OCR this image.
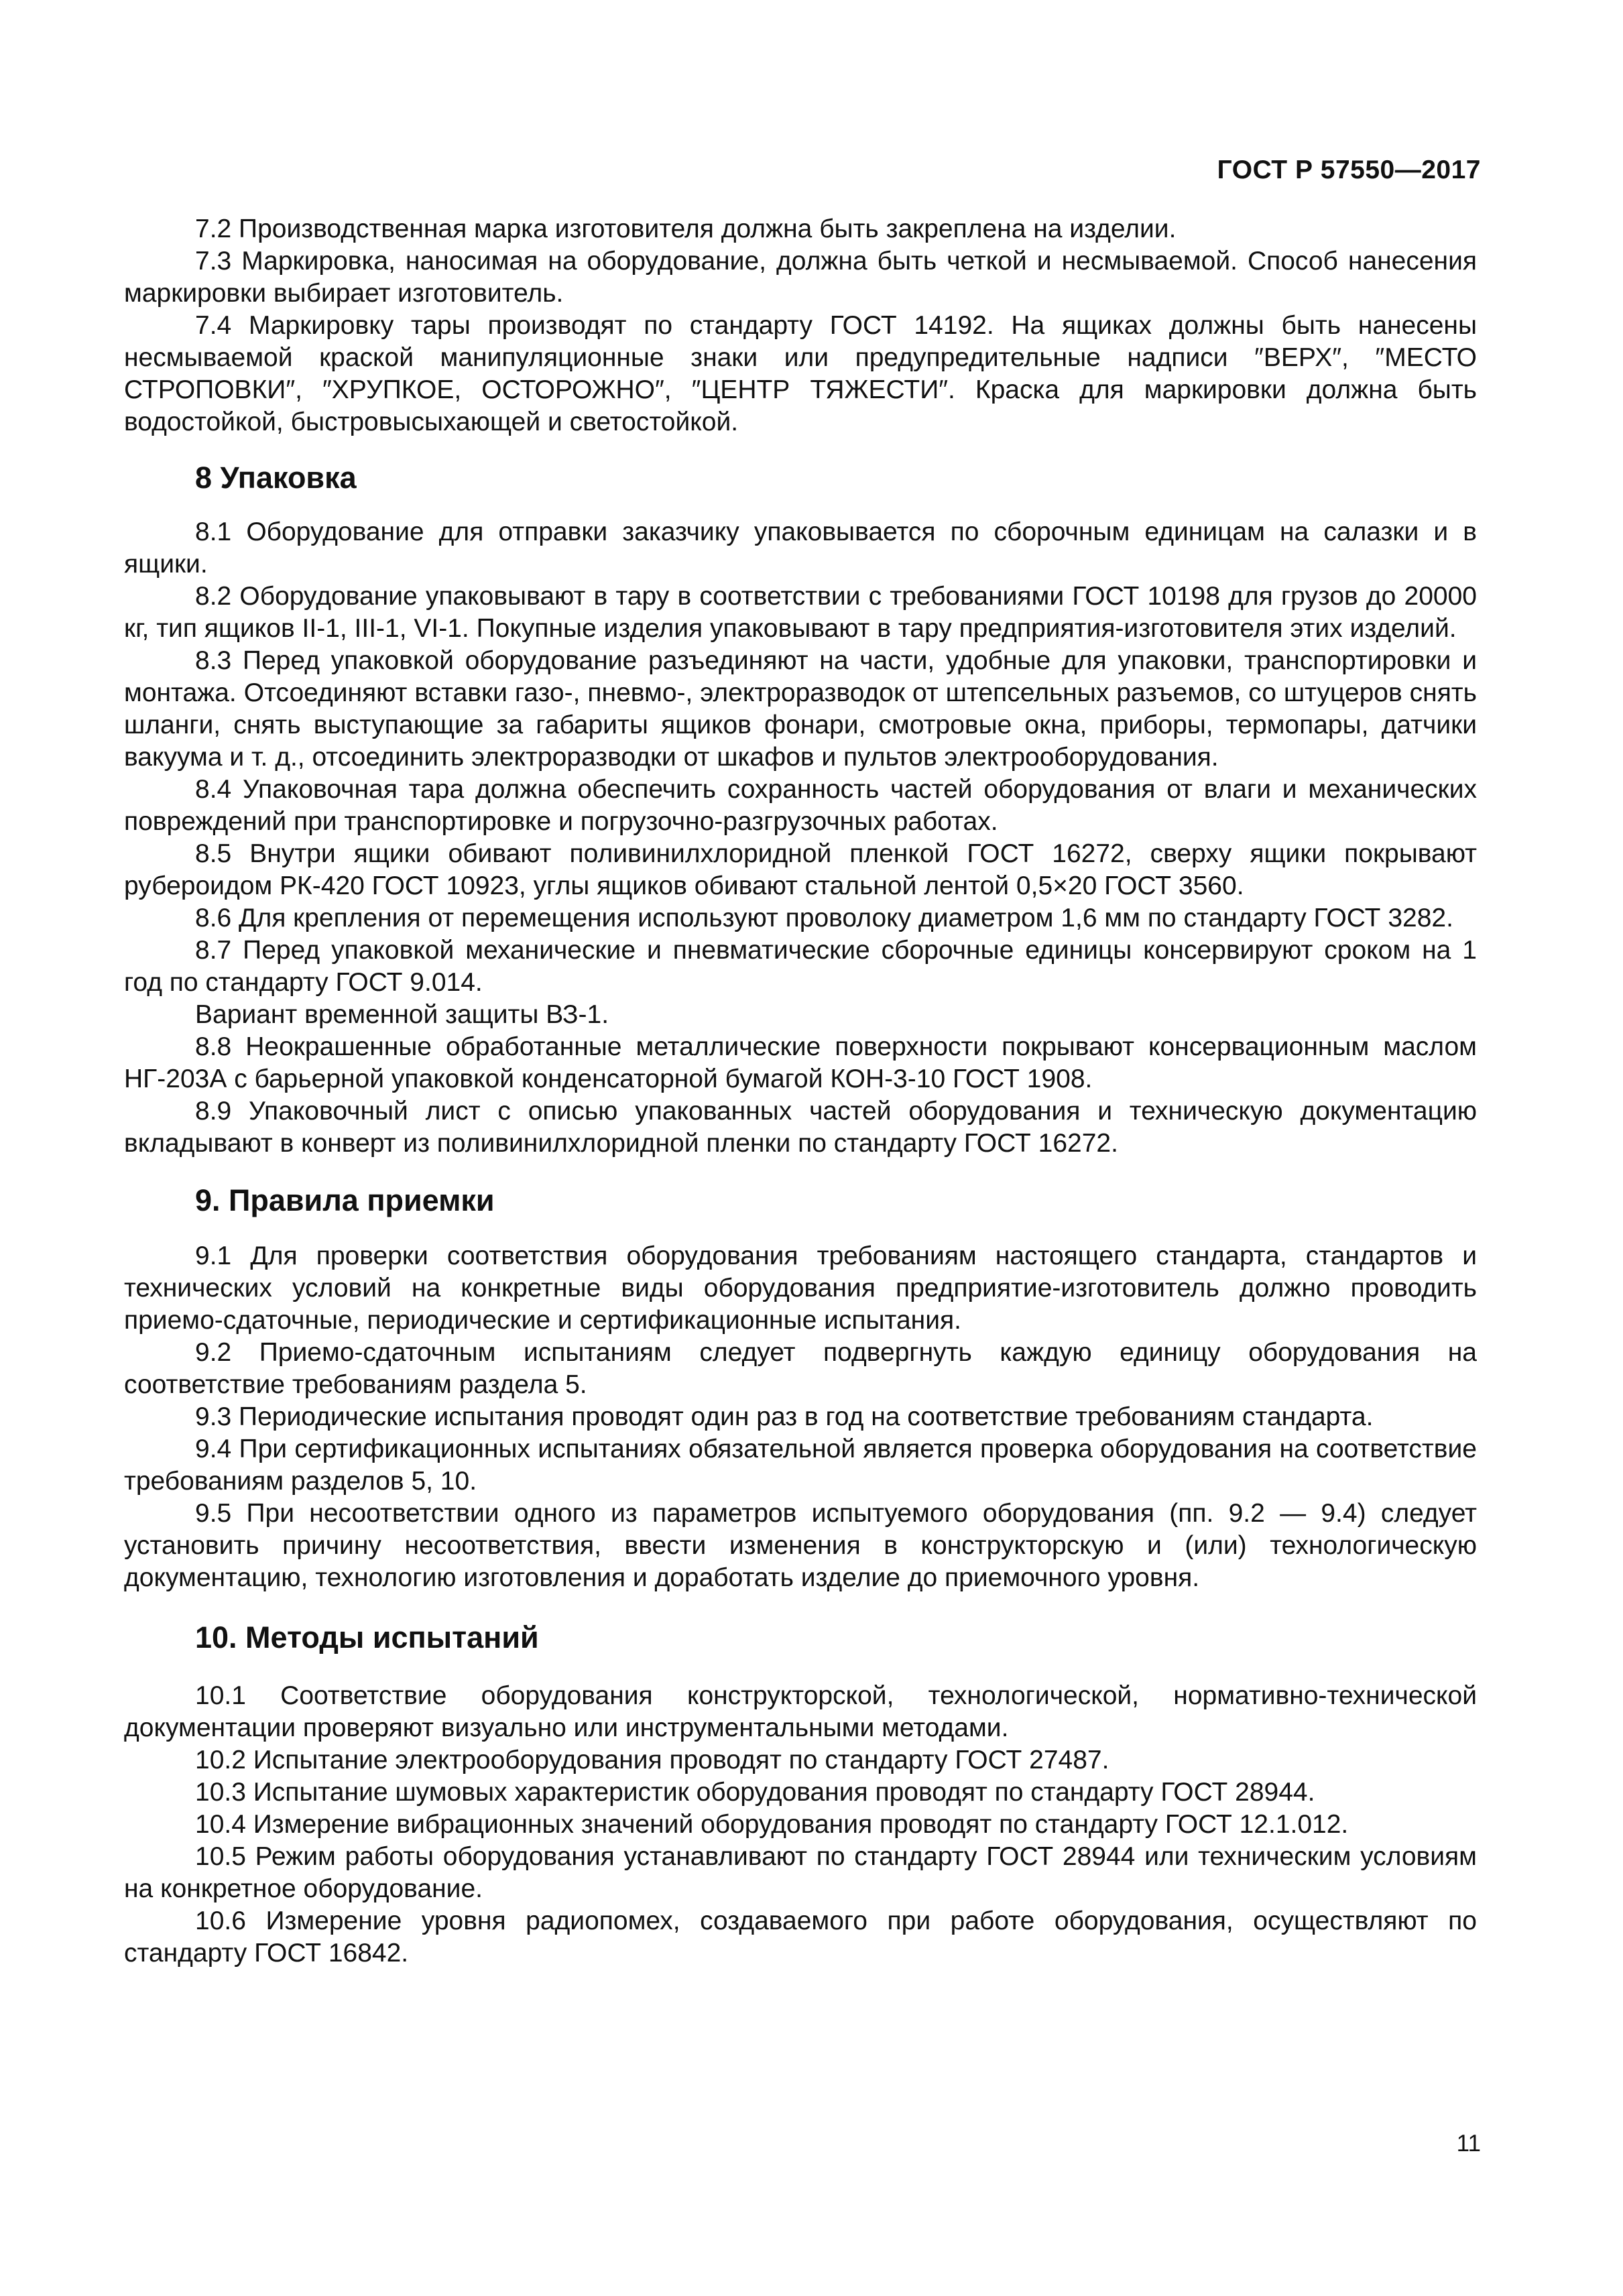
ГОСТ Р 57550—2017

7.2 Производственная марка изготовителя должна быть закреплена на изделии.

7.3 Маркировка, наносимая на оборудование, должна быть четкой и несмываемой. Способ нанесения маркировки выбирает изготовитель.

7.4 Маркировку тары производят по стандарту ГОСТ 14192. На ящиках должны быть нанесены несмываемой краской манипуляционные знаки или предупредительные надписи ″ВЕРХ″, ″МЕСТО СТРОПОВКИ″, ″ХРУПКОЕ, ОСТОРОЖНО″, ″ЦЕНТР ТЯЖЕСТИ″. Краска для маркировки должна быть водостойкой, быстровысыхающей и светостойкой.

8 Упаковка

8.1 Оборудование для отправки заказчику упаковывается по сборочным единицам на салазки и в ящики.

8.2 Оборудование упаковывают в тару в соответствии с требованиями ГОСТ 10198 для грузов до 20000 кг, тип ящиков II-1, III-1, VI-1. Покупные изделия упаковывают в тару предприятия-изготовителя этих изделий.

8.3 Перед упаковкой оборудование разъединяют на части, удобные для упаковки, транспортировки и монтажа. Отсоединяют вставки газо-, пневмо-, электроразводок от штепсельных разъемов, со штуцеров снять шланги, снять выступающие за габариты ящиков фонари, смотровые окна, приборы, термопары, датчики вакуума и т. д., отсоединить электроразводки от шкафов и пультов электрооборудования.

8.4 Упаковочная тара должна обеспечить сохранность частей оборудования от влаги и механических повреждений при транспортировке и погрузочно-разгрузочных работах.

8.5 Внутри ящики обивают поливинилхлоридной пленкой ГОСТ 16272, сверху ящики покрывают рубероидом РК-420 ГОСТ 10923, углы ящиков обивают стальной лентой 0,5×20 ГОСТ 3560.

8.6 Для крепления от перемещения используют проволоку диаметром 1,6 мм по стандарту ГОСТ 3282.

8.7 Перед упаковкой механические и пневматические сборочные единицы консервируют сроком на 1 год по стандарту ГОСТ 9.014.

Вариант временной защиты ВЗ-1.

8.8 Неокрашенные обработанные металлические поверхности покрывают консервационным маслом НГ-203А с барьерной упаковкой конденсаторной бумагой КОН-3-10 ГОСТ 1908.

8.9 Упаковочный лист с описью упакованных частей оборудования и техническую документацию вкладывают в конверт из поливинилхлоридной пленки по стандарту ГОСТ 16272.

9. Правила приемки

9.1 Для проверки соответствия оборудования требованиям настоящего стандарта, стандартов и технических условий на конкретные виды оборудования предприятие-изготовитель должно проводить приемо-сдаточные, периодические и сертификационные испытания.

9.2 Приемо-сдаточным испытаниям следует подвергнуть каждую единицу оборудования на соответствие требованиям раздела 5.

9.3 Периодические испытания проводят один раз в год на соответствие требованиям стандарта.

9.4 При сертификационных испытаниях обязательной является проверка оборудования на соответствие требованиям разделов 5, 10.

9.5 При несоответствии одного из параметров испытуемого оборудования (пп. 9.2 — 9.4) следует установить причину несоответствия, ввести изменения в конструкторскую и (или) технологическую документацию, технологию изготовления и доработать изделие до приемочного уровня.

10. Методы испытаний

10.1 Соответствие оборудования конструкторской, технологической, нормативно-технической документации проверяют визуально или инструментальными методами.

10.2 Испытание электрооборудования проводят по стандарту ГОСТ 27487.

10.3 Испытание шумовых характеристик оборудования проводят по стандарту ГОСТ 28944.

10.4 Измерение вибрационных значений оборудования проводят по стандарту ГОСТ 12.1.012.

10.5 Режим работы оборудования устанавливают по стандарту ГОСТ 28944 или техническим условиям на конкретное оборудование.

10.6 Измерение уровня радиопомех, создаваемого при работе оборудования, осуществляют по стандарту ГОСТ 16842.

11
